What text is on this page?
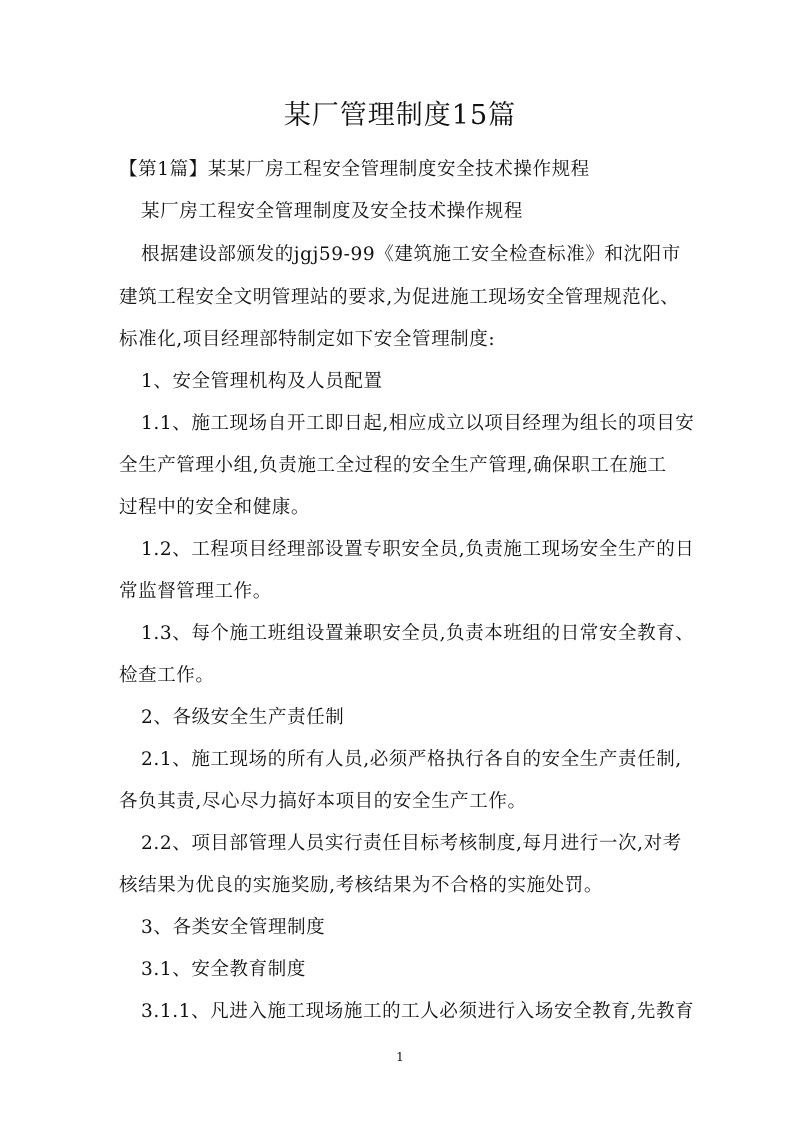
某厂管理制度15篇

【第1篇】某某厂房工程安全管理制度安全技术操作规程

某厂房工程安全管理制度及安全技术操作规程

根据建设部颁发的jgj59-99《建筑施工安全检查标准》和沈阳市

建筑工程安全文明管理站的要求,为促进施工现场安全管理规范化、

标准化,项目经理部特制定如下安全管理制度:

1、安全管理机构及人员配置

1.1、施工现场自开工即日起,相应成立以项目经理为组长的项目安

全生产管理小组,负责施工全过程的安全生产管理,确保职工在施工

过程中的安全和健康。

1.2、工程项目经理部设置专职安全员,负责施工现场安全生产的日

常监督管理工作。

1.3、每个施工班组设置兼职安全员,负责本班组的日常安全教育、

检查工作。

2、各级安全生产责任制

2.1、施工现场的所有人员,必须严格执行各自的安全生产责任制,

各负其责,尽心尽力搞好本项目的安全生产工作。

2.2、项目部管理人员实行责任目标考核制度,每月进行一次,对考

核结果为优良的实施奖励,考核结果为不合格的实施处罚。

3、各类安全管理制度

3.1、安全教育制度

3.1.1、凡进入施工现场施工的工人必须进行入场安全教育,先教育

1
